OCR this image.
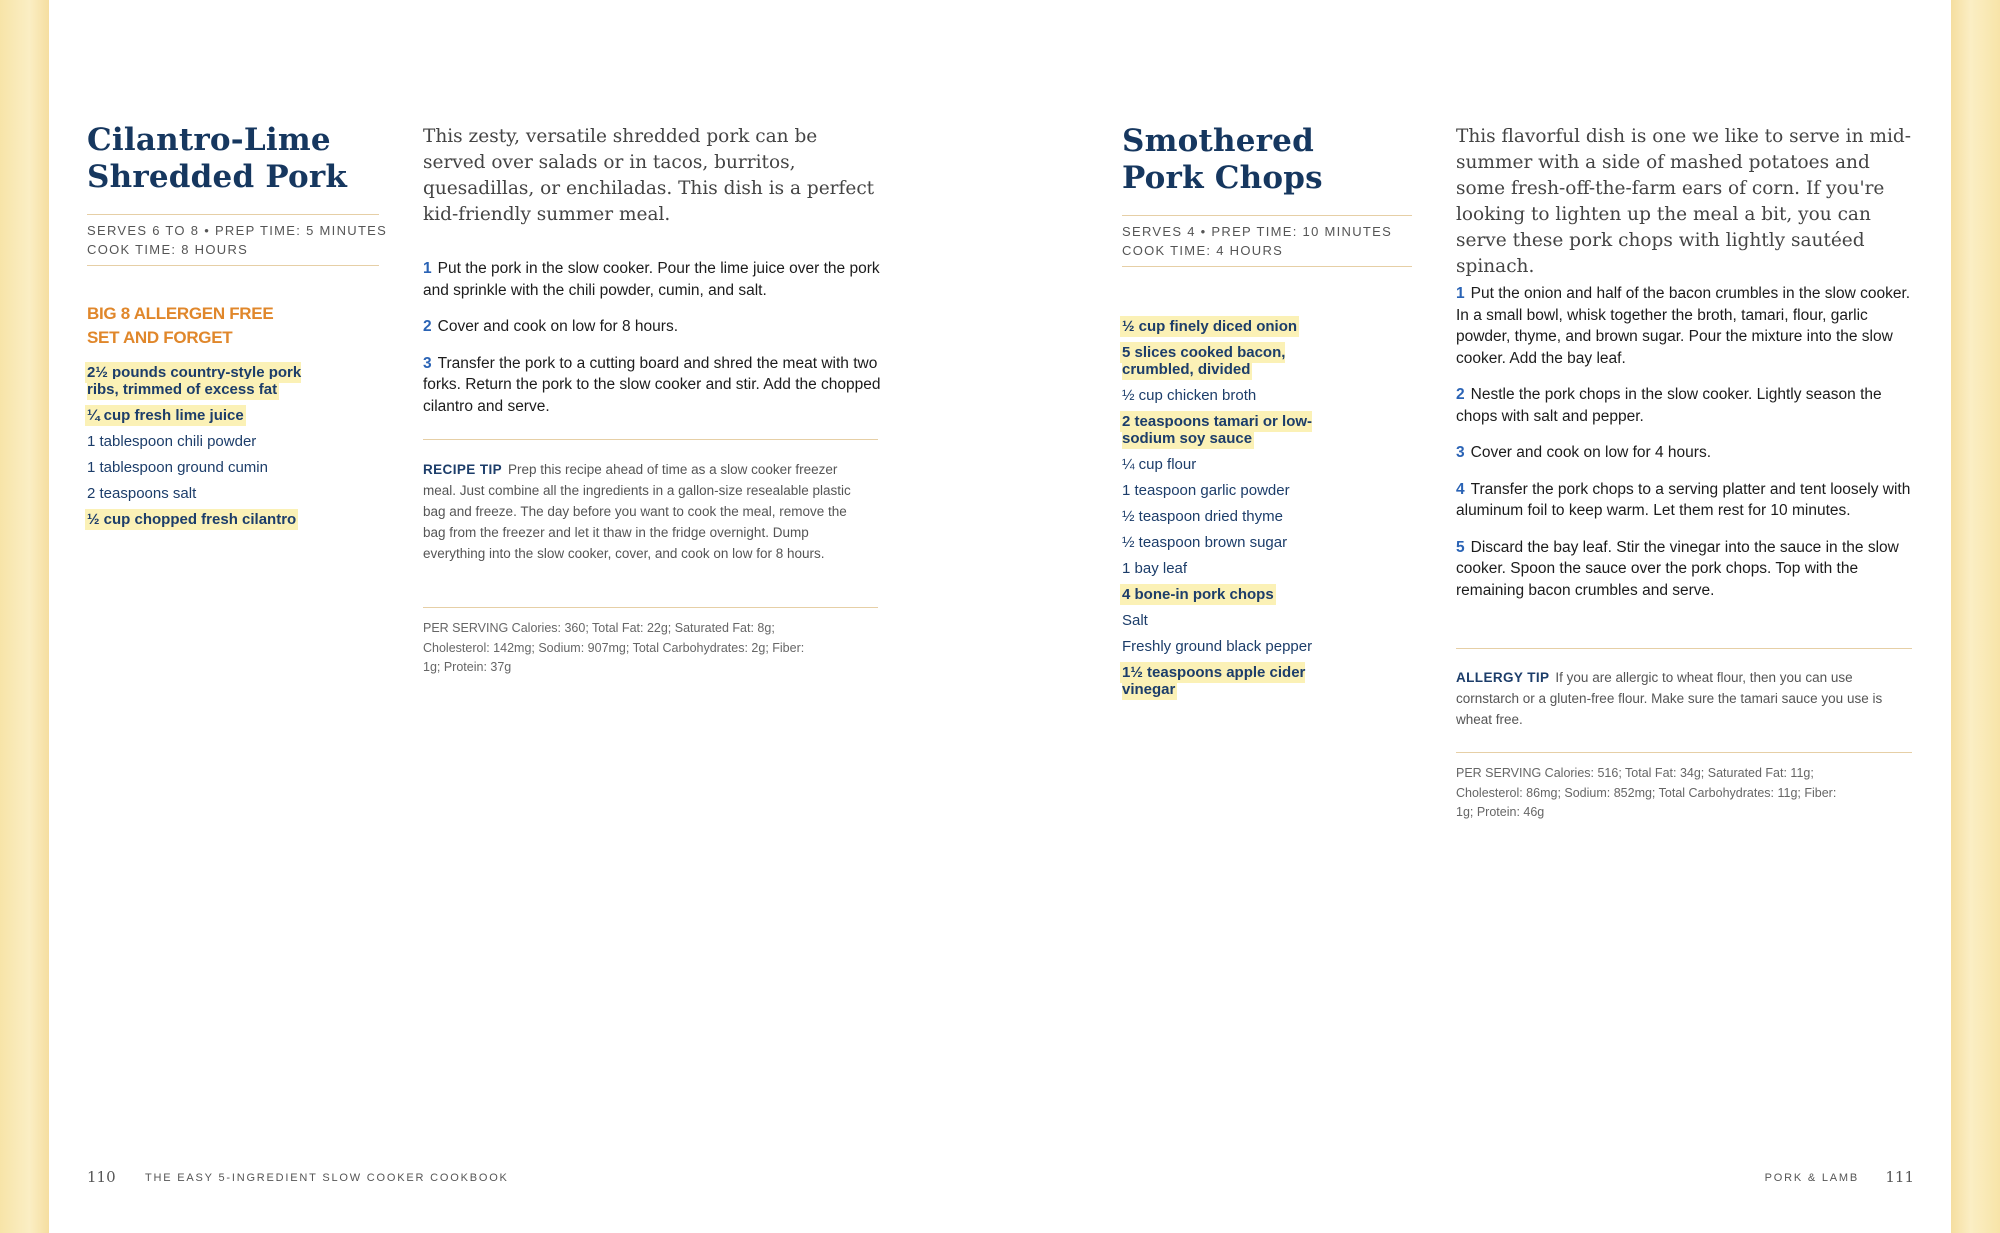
Cilantro-Lime
Shredded Pork
SERVES 6 TO 8 • PREP TIME: 5 MINUTES
COOK TIME: 8 HOURS
BIG 8 ALLERGEN FREE
SET AND FORGET
2½ pounds country-style pork ribs, trimmed of excess fat
¼ cup fresh lime juice
1 tablespoon chili powder
1 tablespoon ground cumin
2 teaspoons salt
½ cup chopped fresh cilantro
This zesty, versatile shredded pork can be served over salads or in tacos, burritos, quesadillas, or enchiladas. This dish is a perfect kid-friendly summer meal.
1 Put the pork in the slow cooker. Pour the lime juice over the pork and sprinkle with the chili powder, cumin, and salt.
2 Cover and cook on low for 8 hours.
3 Transfer the pork to a cutting board and shred the meat with two forks. Return the pork to the slow cooker and stir. Add the chopped cilantro and serve.
RECIPE TIP Prep this recipe ahead of time as a slow cooker freezer meal. Just combine all the ingredients in a gallon-size resealable plastic bag and freeze. The day before you want to cook the meal, remove the bag from the freezer and let it thaw in the fridge overnight. Dump everything into the slow cooker, cover, and cook on low for 8 hours.
PER SERVING Calories: 360; Total Fat: 22g; Saturated Fat: 8g; Cholesterol: 142mg; Sodium: 907mg; Total Carbohydrates: 2g; Fiber: 1g; Protein: 37g
Smothered
Pork Chops
SERVES 4 • PREP TIME: 10 MINUTES
COOK TIME: 4 HOURS
½ cup finely diced onion
5 slices cooked bacon, crumbled, divided
½ cup chicken broth
2 teaspoons tamari or low-sodium soy sauce
¼ cup flour
1 teaspoon garlic powder
½ teaspoon dried thyme
½ teaspoon brown sugar
1 bay leaf
4 bone-in pork chops
Salt
Freshly ground black pepper
1½ teaspoons apple cider vinegar
This flavorful dish is one we like to serve in mid-summer with a side of mashed potatoes and some fresh-off-the-farm ears of corn. If you're looking to lighten up the meal a bit, you can serve these pork chops with lightly sautéed spinach.
1 Put the onion and half of the bacon crumbles in the slow cooker. In a small bowl, whisk together the broth, tamari, flour, garlic powder, thyme, and brown sugar. Pour the mixture into the slow cooker. Add the bay leaf.
2 Nestle the pork chops in the slow cooker. Lightly season the chops with salt and pepper.
3 Cover and cook on low for 4 hours.
4 Transfer the pork chops to a serving platter and tent loosely with aluminum foil to keep warm. Let them rest for 10 minutes.
5 Discard the bay leaf. Stir the vinegar into the sauce in the slow cooker. Spoon the sauce over the pork chops. Top with the remaining bacon crumbles and serve.
ALLERGY TIP If you are allergic to wheat flour, then you can use cornstarch or a gluten-free flour. Make sure the tamari sauce you use is wheat free.
PER SERVING Calories: 516; Total Fat: 34g; Saturated Fat: 11g; Cholesterol: 86mg; Sodium: 852mg; Total Carbohydrates: 11g; Fiber: 1g; Protein: 46g
110	THE EASY 5-INGREDIENT SLOW COOKER COOKBOOK	PORK & LAMB 111
